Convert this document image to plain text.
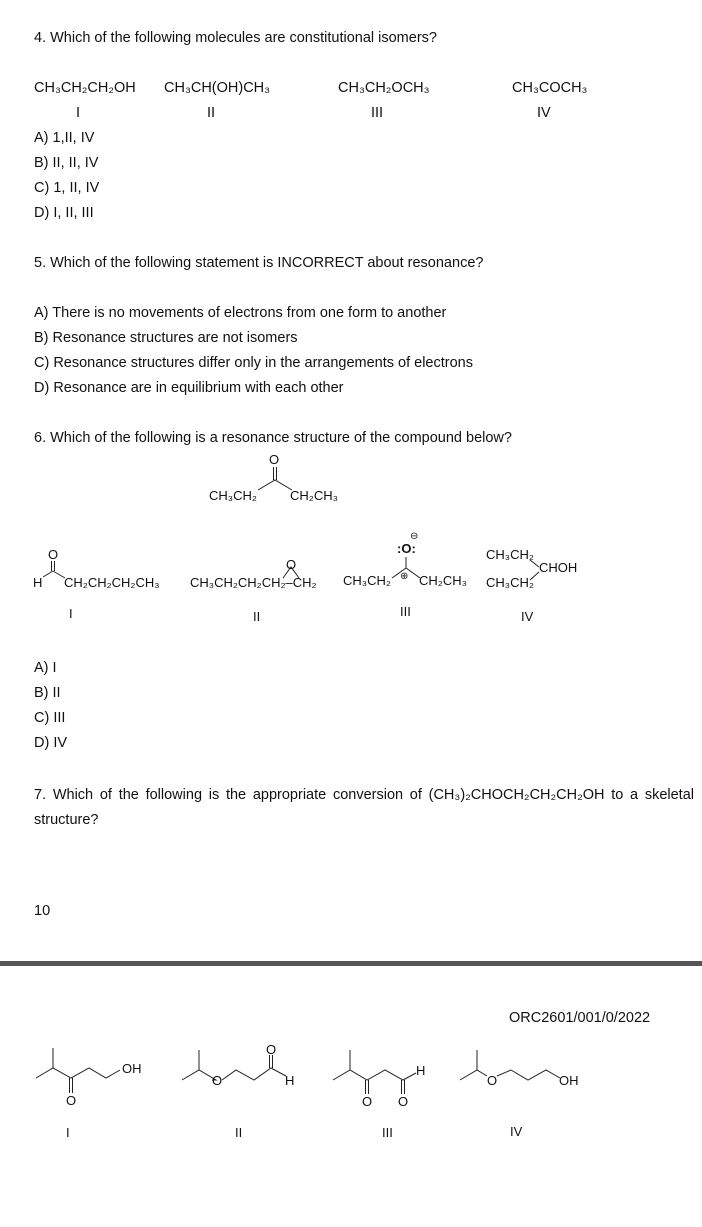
4. Which of the following molecules are constitutional isomers?
CH₃CH₂CH₂OH CH₃CH(OH)CH₃	CH₃CH₂OCH₃	CH₃COCH₃
I	II	III	IV
A) 1,II, IV
B) II, II, IV
C) 1, II, IV
D) I, II, III
5. Which of the following statement is INCORRECT about resonance?
A) There is no movements of electrons from one form to another
B) Resonance structures are not isomers
C) Resonance structures differ only in the arrangements of electrons
D) Resonance are in equilibrium with each other
6. Which of the following is a resonance structure of the compound below?
O
CH₃CH₂	CH₂CH₃
O
H CH₂CH₂CH₂CH₃
I
O
CH₃CH₂CH₂CH₂–CH₂
II
:O:
⊖
CH₃CH₂ ⊕ CH₂CH₃
III
CH₃CH₂
CHOH
CH₃CH₂
IV
A) I
B) II
C) III
D) IV
7. Which of the following is the appropriate conversion of (CH₃)₂CHOCH₂CH₂CH₂OH to a skeletal structure?
10
ORC2601/001/0/2022
OH
O
I
O
O
H
II
O O
H
III
O	OH
IV
